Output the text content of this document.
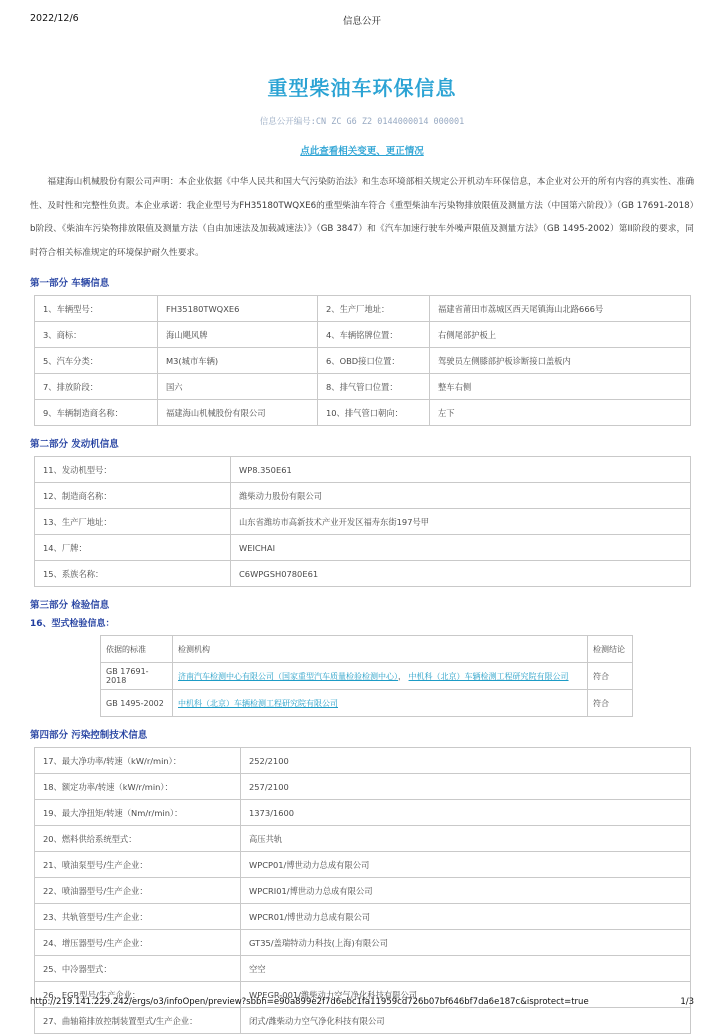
2022/12/6	信息公开
重型柴油车环保信息
信息公开编号:CN ZC G6 Z2 0144000014 000001
点此查看相关变更、更正情况

福建海山机械股份有限公司声明：本企业依据《中华人民共和国大气污染防治法》和生态环境部相关规定公开机动车环保信息，本企业对公开的所有内容的真实性、准确性、及时性和完整性负责。本企业承诺：我企业型号为FH35180TWQXE6的重型柴油车符合《重型柴油车污染物排放限值及测量方法（中国第六阶段）》（GB 17691-2018）b阶段、《柴油车污染物排放限值及测量方法（自由加速法及加载减速法）》（GB 3847）和《汽车加速行驶车外噪声限值及测量方法》（GB 1495-2002）第II阶段的要求，同时符合相关标准规定的环境保护耐久性要求。

第一部分 车辆信息
1、车辆型号：	FH35180TWQXE6	2、生产厂地址：	福建省莆田市荔城区西天尾镇海山北路666号
3、商标：	海山飓风牌	4、车辆铭牌位置：	右侧尾部护板上
5、汽车分类：	M3(城市车辆)	6、OBD接口位置：	驾驶员左侧膝部护板诊断接口盖板内
7、排放阶段：	国六	8、排气管口位置：	整车右侧
9、车辆制造商名称：	福建海山机械股份有限公司	10、排气管口朝向：	左下
第二部分 发动机信息
11、发动机型号：	WP8.350E61
12、制造商名称：	潍柴动力股份有限公司
13、生产厂地址：	山东省潍坊市高新技术产业开发区福寿东街197号甲
14、厂牌：	WEICHAI
15、系族名称：	C6WPGSH0780E61
第三部分 检验信息
16、型式检验信息：
依据的标准	检测机构	检测结论
GB 17691-2018	济南汽车检测中心有限公司（国家重型汽车质量检验检测中心）， 中机科（北京）车辆检测工程研究院有限公司	符合
GB 1495-2002	中机科（北京）车辆检测工程研究院有限公司	符合
第四部分 污染控制技术信息
17、最大净功率/转速（kW/r/min）：	252/2100
18、额定功率/转速（kW/r/min）：	257/2100
19、最大净扭矩/转速（Nm/r/min）：	1373/1600
20、燃料供给系统型式：	高压共轨
21、喷油泵型号/生产企业：	WPCP01/博世动力总成有限公司
22、喷油器型号/生产企业：	WPCRI01/博世动力总成有限公司
23、共轨管型号/生产企业：	WPCR01/博世动力总成有限公司
24、增压器型号/生产企业：	GT35/盖瑞特动力科技(上海)有限公司
25、中冷器型式：	空空
26、EGR型号/生产企业：	WPEGR-001/潍柴动力空气净化科技有限公司
27、曲轴箱排放控制装置型式/生产企业：	闭式/潍柴动力空气净化科技有限公司
http://219.141.229.242/ergs/o3/infoOpen/preview?sbbh=e90a899e2f7d6ebc1fa11959cd726b07bf646bf7da6e187c&isprotect=true	1/3
